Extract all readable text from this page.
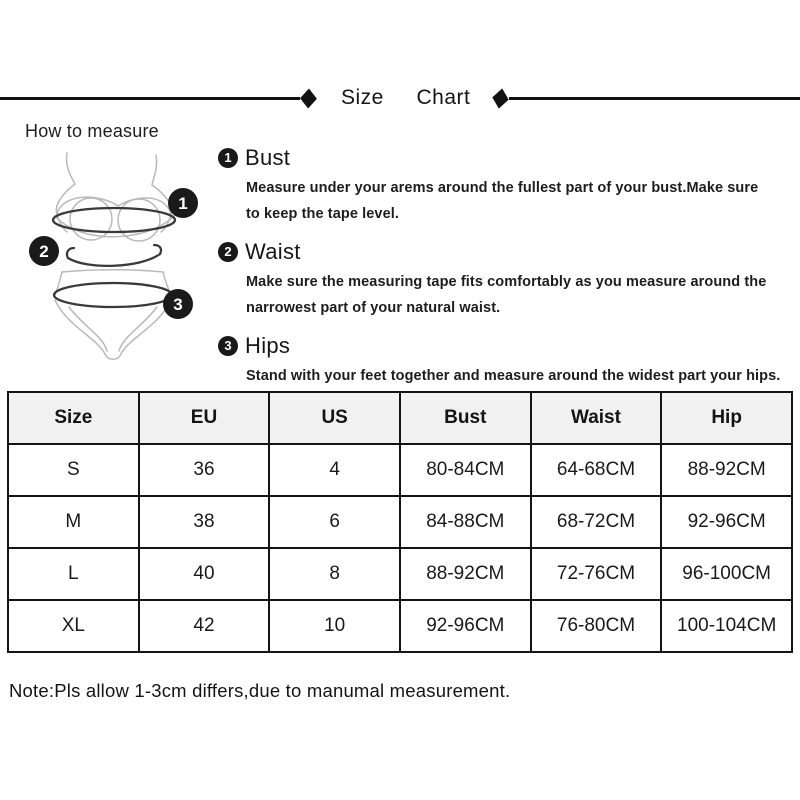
Size  Chart
How to measure
1
2
3
1 Bust
Measure under your arems around the fullest part of your bust.Make sure
to keep the tape level.
2 Waist
Make sure the measuring tape fits comfortably as you measure around the
narrowest part of your natural waist.
3 Hips
Stand with your feet together and measure around the widest part your hips.
Size	EU	US	Bust	Waist	Hip
S	36	4	80-84CM	64-68CM	88-92CM
M	38	6	84-88CM	68-72CM	92-96CM
L	40	8	88-92CM	72-76CM	96-100CM
XL	42	10	92-96CM	76-80CM	100-104CM
Note:Pls allow 1-3cm differs,due to manumal measurement.
